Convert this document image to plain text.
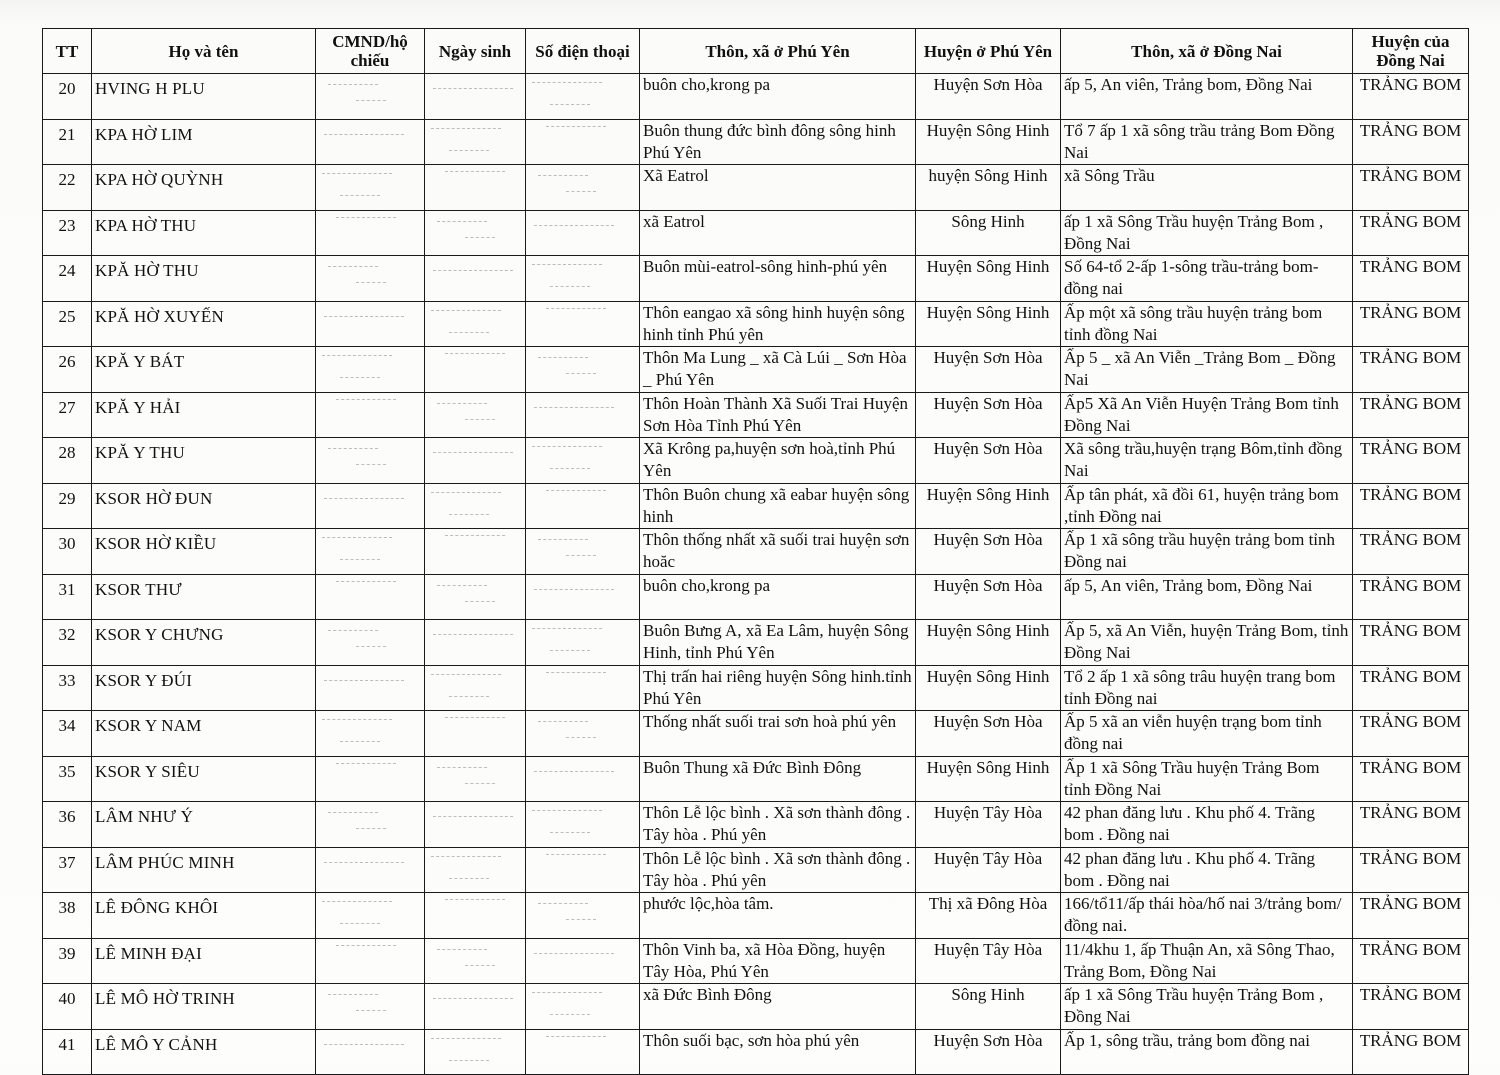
TT	Họ và tên	CMND/hộ chiếu	Ngày sinh	Số điện thoại	Thôn, xã ở Phú Yên	Huyện ở Phú Yên	Thôn, xã ở Đồng Nai	Huyện của Đồng Nai
20	HVING H PLU				buôn cho,krong pa	Huyện Sơn Hòa	ấp 5, An viên, Trảng bom, Đồng Nai	TRẢNG BOM
21	KPA HỜ LIM				Buôn thung đức bình đông sông hinh Phú Yên	Huyện Sông Hinh	Tổ 7 ấp 1 xã sông trầu trảng Bom Đồng Nai	TRẢNG BOM
22	KPA HỜ QUỲNH				Xã Eatrol	huyện Sông Hinh	xã Sông Trầu	TRẢNG BOM
23	KPA HỜ THU				xã Eatrol	Sông Hinh	ấp 1 xã Sông Trầu huyện Trảng Bom , Đồng Nai	TRẢNG BOM
24	KPĂ HỜ THU				Buôn mùi-eatrol-sông hinh-phú yên	Huyện Sông Hinh	Số 64-tổ 2-ấp 1-sông trầu-trảng bom-đồng nai	TRẢNG BOM
25	KPĂ HỜ XUYẾN				Thôn eangao xã sông hinh huyện sông hinh tỉnh Phú yên	Huyện Sông Hinh	Ấp một xã sông trầu huyện trảng bom tỉnh đồng Nai	TRẢNG BOM
26	KPĂ Y BÁT				Thôn Ma Lung _ xã Cà Lúi _ Sơn Hòa _ Phú Yên	Huyện Sơn Hòa	Ấp 5 _ xã An Viễn _Trảng Bom _ Đồng Nai	TRẢNG BOM
27	KPĂ Y HẢI				Thôn Hoàn Thành Xã Suối Trai Huyện Sơn Hòa Tỉnh Phú Yên	Huyện Sơn Hòa	Ấp5 Xã An Viễn Huyện Trảng Bom tỉnh Đồng Nai	TRẢNG BOM
28	KPĂ Y THU				Xã Krông pa,huyện sơn hoà,tỉnh Phú Yên	Huyện Sơn Hòa	Xã sông trầu,huyện trạng Bôm,tỉnh đồng Nai	TRẢNG BOM
29	KSOR HỜ ĐUN				Thôn Buôn chung xã eabar huyện sông hinh	Huyện Sông Hinh	Ấp tân phát, xã đồi 61, huyện trảng bom ,tỉnh Đồng nai	TRẢNG BOM
30	KSOR HỜ KIỀU				Thôn thống nhất xã suối trai huyện sơn hoăc	Huyện Sơn Hòa	Ấp 1 xã sông trầu huyện trảng bom tỉnh Đồng nai	TRẢNG BOM
31	KSOR THƯ				buôn cho,krong pa	Huyện Sơn Hòa	ấp 5, An viên, Trảng bom, Đồng Nai	TRẢNG BOM
32	KSOR Y CHƯNG				Buôn Bưng A, xã Ea Lâm, huyện Sông Hinh, tỉnh Phú Yên	Huyện Sông Hinh	Ấp 5, xã An Viễn, huyện Trảng Bom, tỉnh Đồng Nai	TRẢNG BOM
33	KSOR Y ĐÚI				Thị trấn hai riêng huyện Sông hinh.tỉnh Phú Yên	Huyện Sông Hinh	Tổ 2 ấp 1 xã sông trâu huyện trang bom tỉnh Đồng nai	TRẢNG BOM
34	KSOR Y NAM				Thống nhất suối trai sơn hoà phú yên	Huyện Sơn Hòa	Ấp 5 xã an viễn huyện trạng bom tỉnh đồng nai	TRẢNG BOM
35	KSOR Y SIÊU				Buôn Thung xã Đức Bình Đông	Huyện Sông Hinh	Ấp 1 xã Sông Trầu huyện Trảng Bom tỉnh Đồng Nai	TRẢNG BOM
36	LÂM NHƯ Ý				Thôn Lễ lộc bình . Xã sơn thành đông . Tây hòa . Phú yên	Huyện Tây Hòa	42 phan đăng lưu . Khu phố 4. Trãng bom . Đồng nai	TRẢNG BOM
37	LÂM PHÚC MINH				Thôn Lễ lộc bình . Xã sơn thành đông . Tây hòa . Phú yên	Huyện Tây Hòa	42 phan đăng lưu . Khu phố 4. Trãng bom . Đồng nai	TRẢNG BOM
38	LÊ ĐÔNG KHÔI				phước lộc,hòa tâm.	Thị xã Đông Hòa	166/tổ11/ấp thái hòa/hố nai 3/trảng bom/ đồng nai.	TRẢNG BOM
39	LÊ MINH ĐẠI				Thôn Vinh ba, xã Hòa Đồng, huyện Tây Hòa, Phú Yên	Huyện Tây Hòa	11/4khu 1, ấp Thuận An, xã Sông Thao, Trảng Bom, Đồng Nai	TRẢNG BOM
40	LÊ MÔ HỜ TRINH				xã Đức Bình Đông	Sông Hinh	ấp 1 xã Sông Trầu huyện Trảng Bom , Đồng Nai	TRẢNG BOM
41	LÊ MÔ Y CẢNH				Thôn suối bạc, sơn hòa phú yên	Huyện Sơn Hòa	Ấp 1, sông trầu, trảng bom đồng nai	TRẢNG BOM
